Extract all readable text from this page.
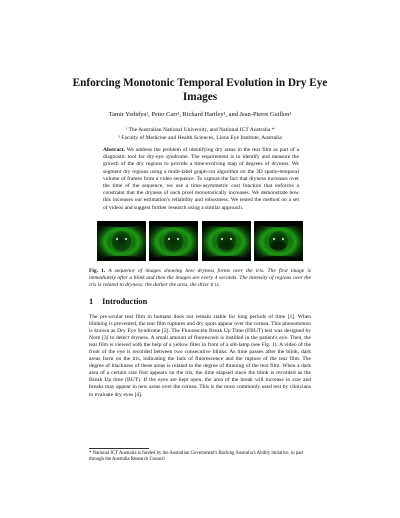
Enforcing Monotonic Temporal Evolution in Dry Eye Images
Tamir Yedidya¹, Peter Carr¹, Richard Hartley¹, and Jean-Pierre Guillon²
¹ The Australian National University, and National ICT Australia *
² Faculty of Medicine and Health Sciences, Lions Eye Institute, Australia
Abstract. We address the problem of identifying dry areas in the tear film as part of a diagnostic tool for dry-eye syndrome. The requirement is to identify and measure the growth of the dry regions to provide a time-evolving map of degrees of dryness. We segment dry regions using a multi-label graph-cut algorithm on the 3D spatio-temporal volume of frames from a video sequence. To capture the fact that dryness increases over the time of the sequence, we use a time-asymmetric cost function that enforces a constraint that the dryness of each pixel monotonically increases. We demonstrate how this increases our estimation's reliability and robustness. We tested the method on a set of videos and suggest further research using a similar approach.
Fig. 1. A sequence of images showing how dryness forms over the iris. The first image is immediately after a blink and then the images are every 4 seconds. The intensity of regions over the iris is related to dryness: the darker the area, the drier it is.
1 Introduction
The pre-ocular tear film in humans does not remain stable for long periods of time [1]. When blinking is prevented, the tear film ruptures and dry spots appear over the cornea. This phenomenon is known as Dry Eye Syndrome [2]. The Fluorescein Break Up Time (FBUT) test was designed by Norn [3] to detect dryness. A small amount of fluorescein is instilled in the patient's eye. Then, the tear film is viewed with the help of a yellow filter in front of a slit-lamp (see Fig. 1). A video of the front of the eye is recorded between two consecutive blinks. As time passes after the blink, dark areas form on the iris, indicating the lack of fluorescence and the rupture of the tear film. The degree of blackness of these areas is related to the degree of thinning of the tear film. When a dark area of a certain size first appears on the iris, the time elapsed since the blink is recorded as the Break Up time (BUT). If the eyes are kept open, the area of the break will increase in size and breaks may appear in new areas over the cornea. This is the most commonly used test by clinicians to evaluate dry eyes [4].
* National ICT Australia is funded by the Australian Government's Backing Australia's Ability initiative, in part through the Australia Research Council
